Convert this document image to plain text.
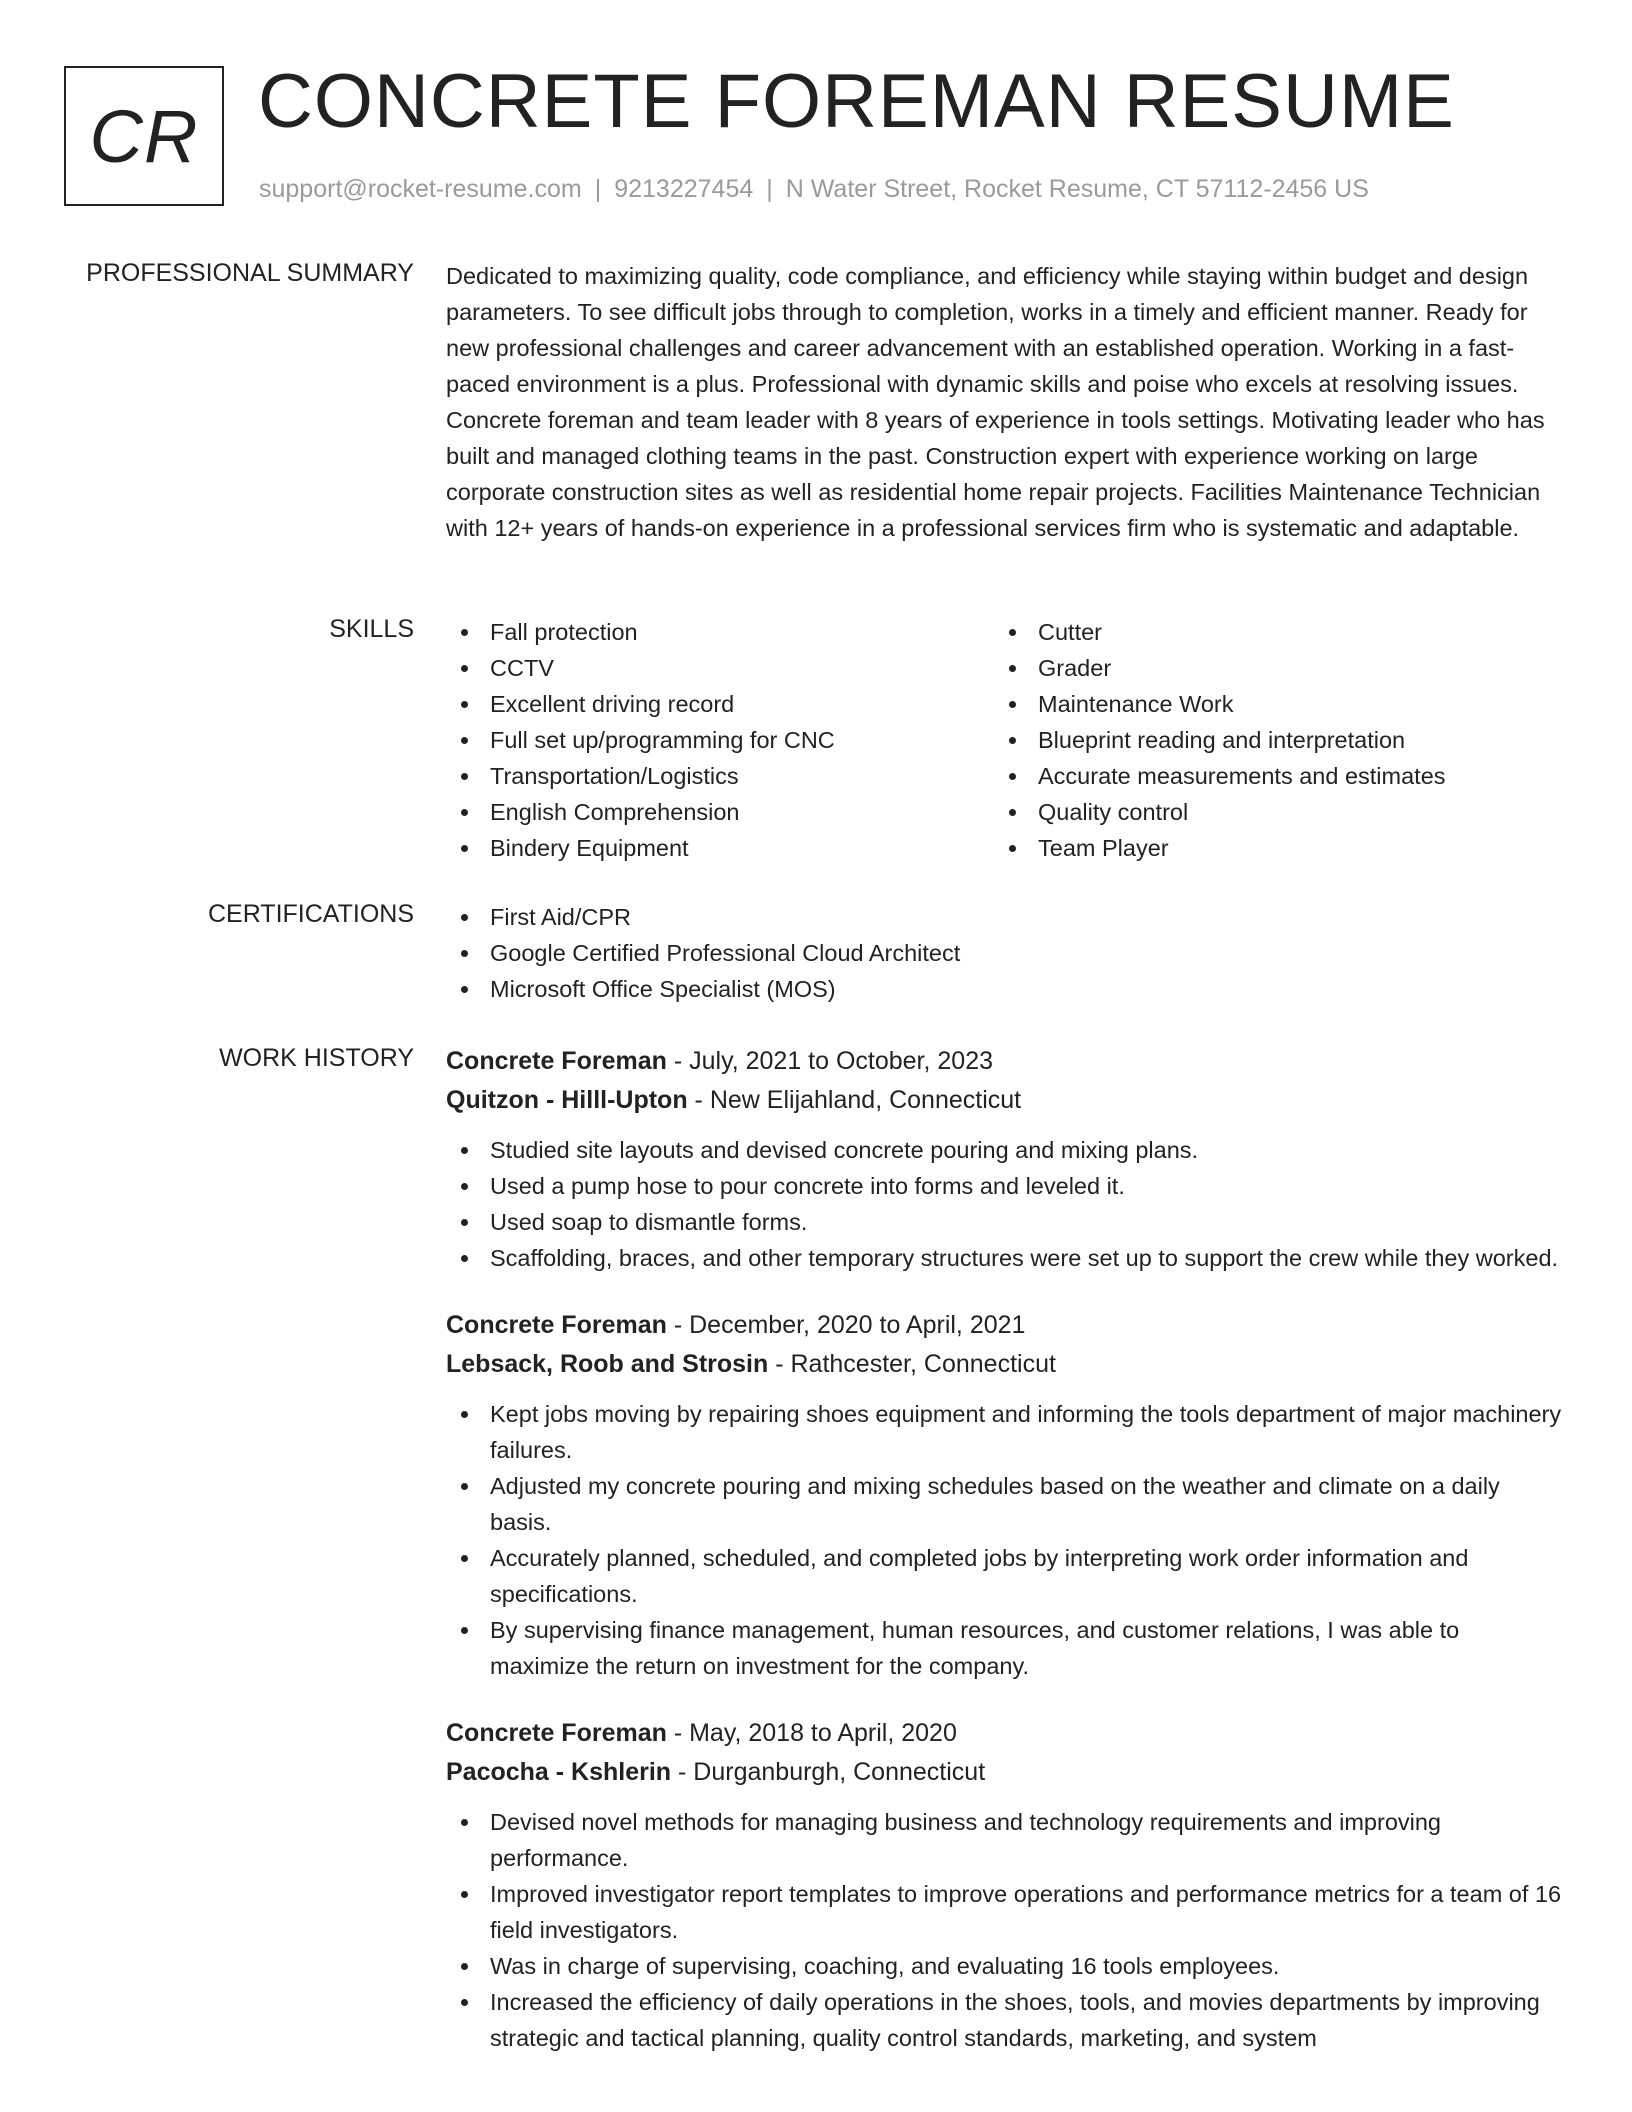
CR CONCRETE FOREMAN RESUME
support@rocket-resume.com | 9213227454 | N Water Street, Rocket Resume, CT 57112-2456 US
PROFESSIONAL SUMMARY Dedicated to maximizing quality, code compliance, and efficiency while staying within budget and design parameters. To see difficult jobs through to completion, works in a timely and efficient manner. Ready for new professional challenges and career advancement with an established operation. Working in a fast-paced environment is a plus. Professional with dynamic skills and poise who excels at resolving issues. Concrete foreman and team leader with 8 years of experience in tools settings. Motivating leader who has built and managed clothing teams in the past. Construction expert with experience working on large corporate construction sites as well as residential home repair projects. Facilities Maintenance Technician with 12+ years of hands-on experience in a professional services firm who is systematic and adaptable.

SKILLS	Fall protection
CCTV
Excellent driving record
Full set up/programming for CNC
Transportation/Logistics
English Comprehension
Bindery Equipment
Cutter
Grader
Maintenance Work
Blueprint reading and interpretation
Accurate measurements and estimates
Quality control
Team Player
CERTIFICATIONS	First Aid/CPR
Google Certified Professional Cloud Architect
Microsoft Office Specialist (MOS)
WORK HISTORY Concrete Foreman - July, 2021 to October, 2023
Quitzon - Hilll-Upton - New Elijahland, Connecticut
Studied site layouts and devised concrete pouring and mixing plans.
Used a pump hose to pour concrete into forms and leveled it.
Used soap to dismantle forms.
Scaffolding, braces, and other temporary structures were set up to support the crew while they worked.
Concrete Foreman - December, 2020 to April, 2021
Lebsack, Roob and Strosin - Rathcester, Connecticut
Kept jobs moving by repairing shoes equipment and informing the tools department of major machinery failures.
Adjusted my concrete pouring and mixing schedules based on the weather and climate on a daily basis.
Accurately planned, scheduled, and completed jobs by interpreting work order information and specifications.
By supervising finance management, human resources, and customer relations, I was able to maximize the return on investment for the company.
Concrete Foreman - May, 2018 to April, 2020
Pacocha - Kshlerin - Durganburgh, Connecticut
Devised novel methods for managing business and technology requirements and improving performance.
Improved investigator report templates to improve operations and performance metrics for a team of 16 field investigators.
Was in charge of supervising, coaching, and evaluating 16 tools employees.
Increased the efficiency of daily operations in the shoes, tools, and movies departments by improving strategic and tactical planning, quality control standards, marketing, and system
